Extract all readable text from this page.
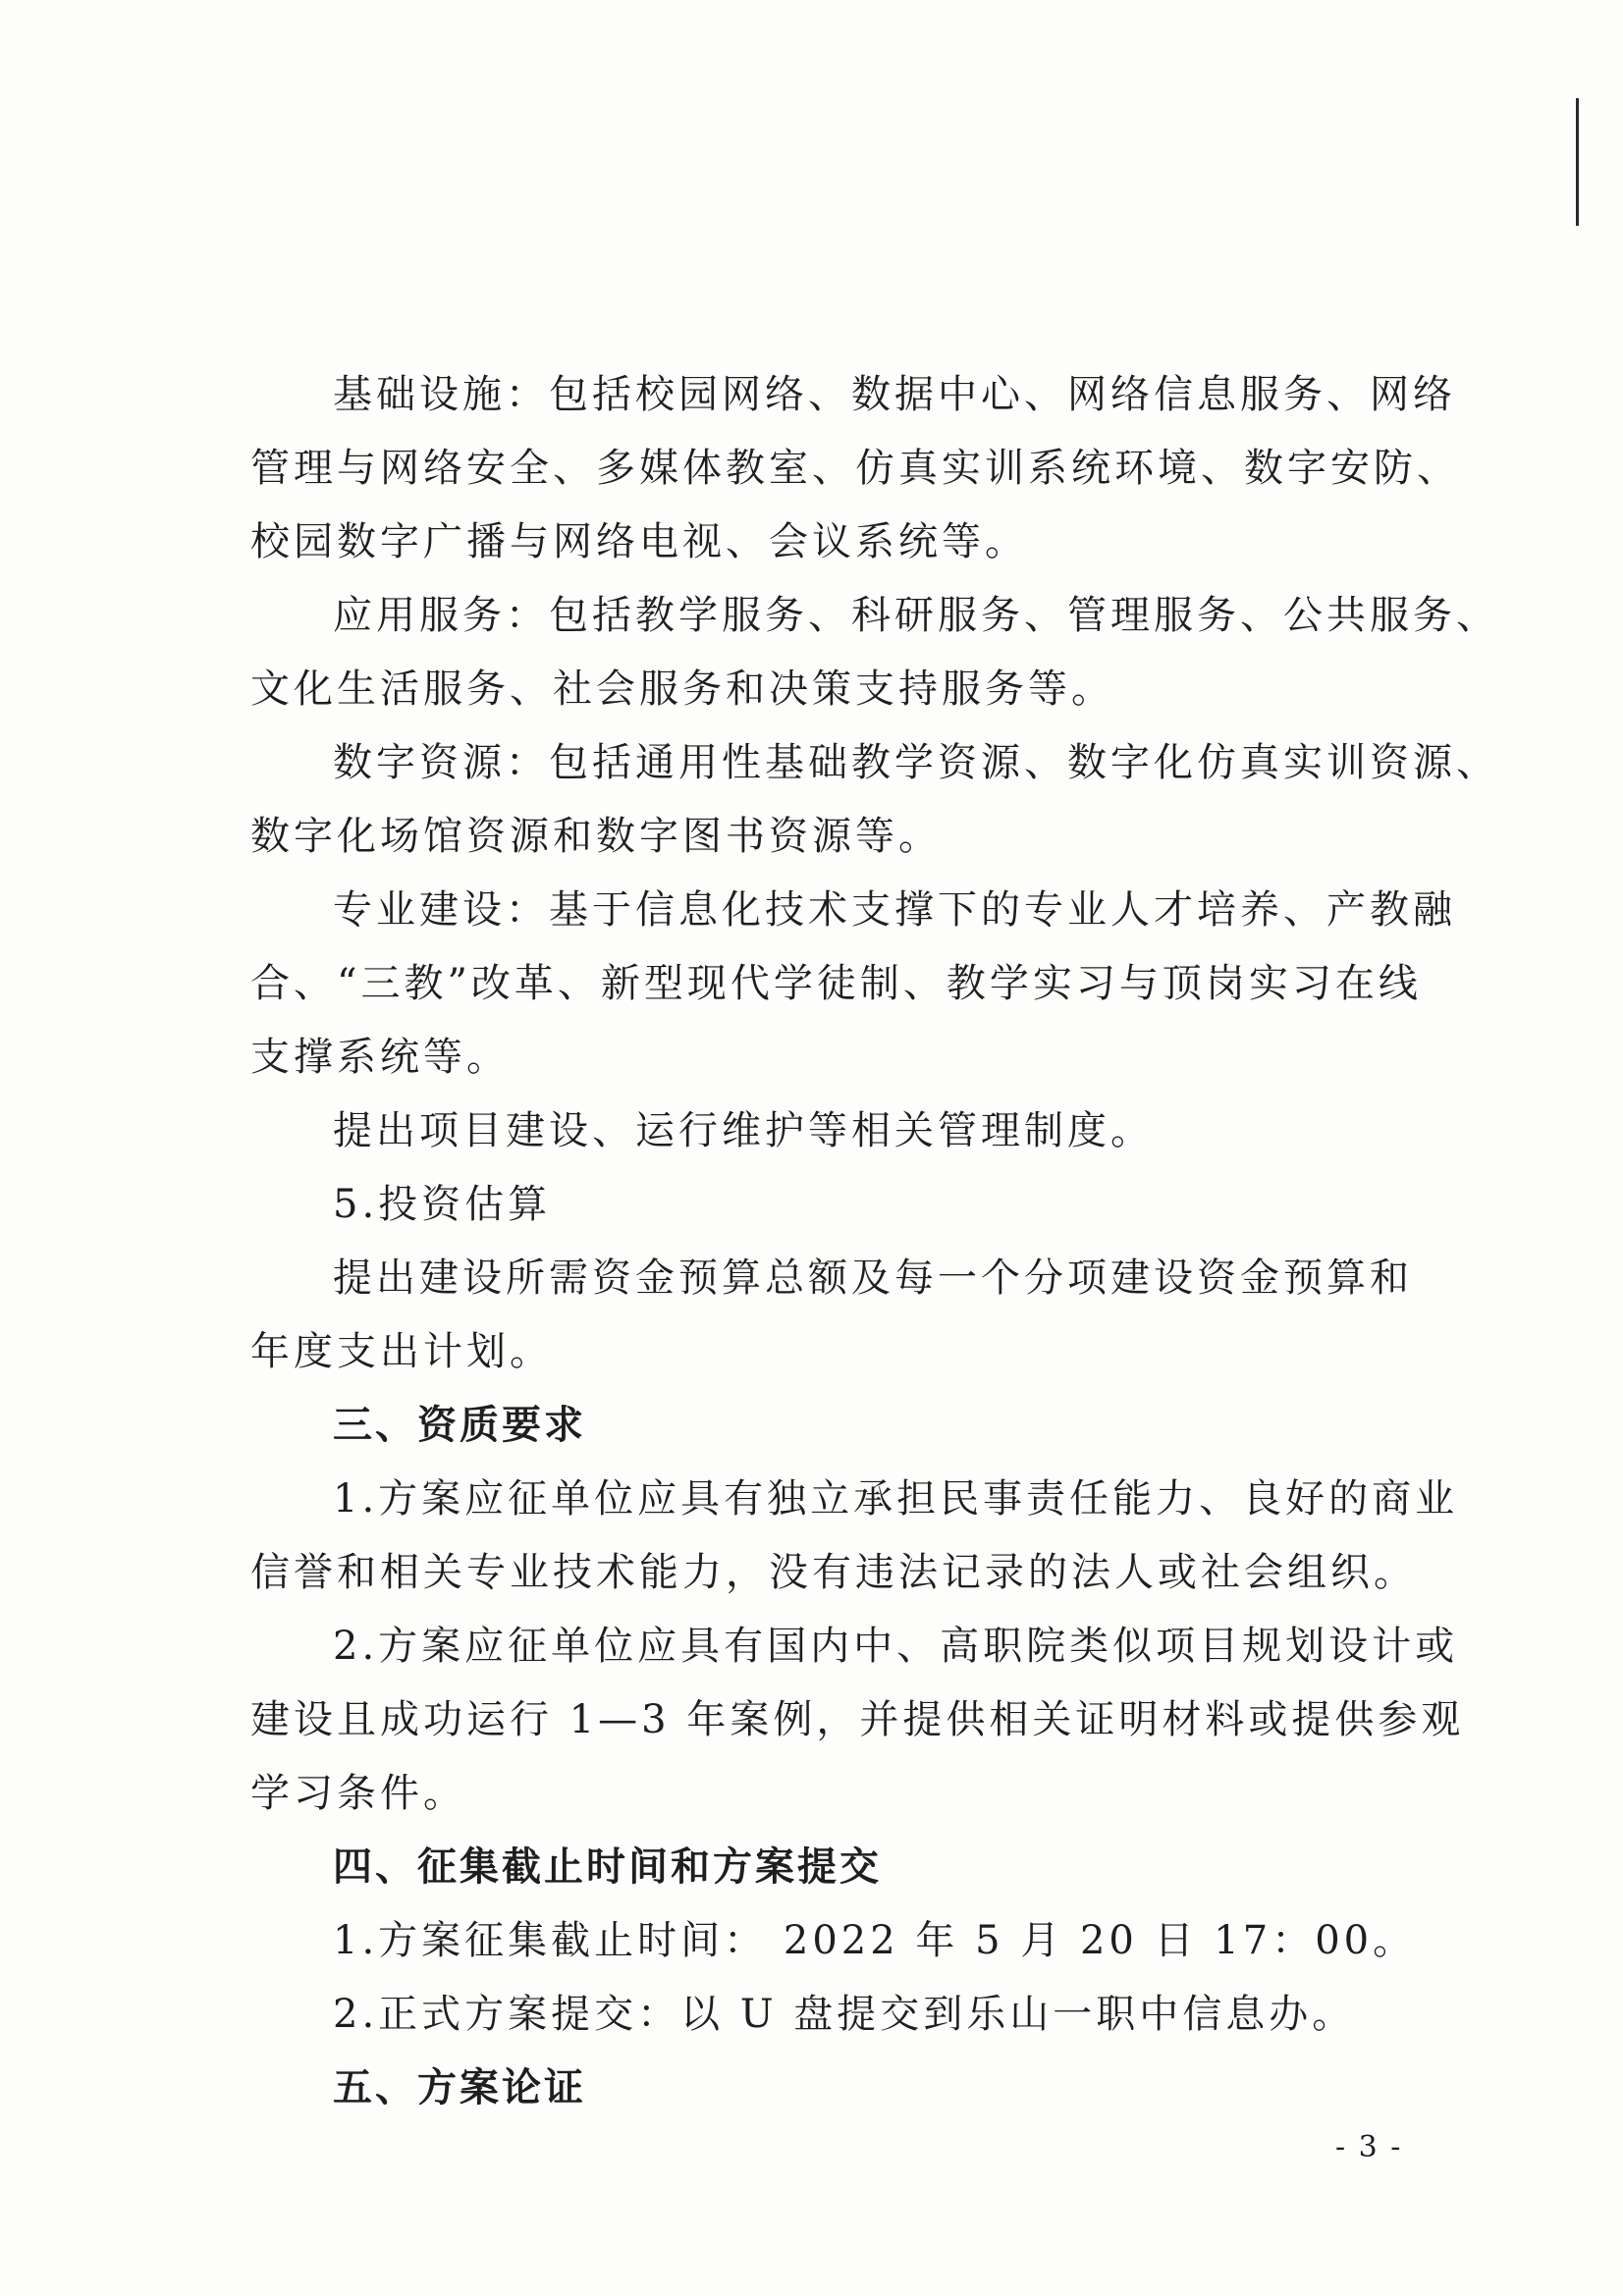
基础设施：包括校园网络、数据中心、网络信息服务、网络
管理与网络安全、多媒体教室、仿真实训系统环境、数字安防、
校园数字广播与网络电视、会议系统等。
应用服务：包括教学服务、科研服务、管理服务、公共服务、
文化生活服务、社会服务和决策支持服务等。
数字资源：包括通用性基础教学资源、数字化仿真实训资源、
数字化场馆资源和数字图书资源等。
专业建设：基于信息化技术支撑下的专业人才培养、产教融
合、“三教”改革、新型现代学徒制、教学实习与顶岗实习在线
支撑系统等。
提出项目建设、运行维护等相关管理制度。
5.投资估算
提出建设所需资金预算总额及每一个分项建设资金预算和
年度支出计划。
三、资质要求
1.方案应征单位应具有独立承担民事责任能力、良好的商业
信誉和相关专业技术能力，没有违法记录的法人或社会组织。
2.方案应征单位应具有国内中、高职院类似项目规划设计或
建设且成功运行 1—3 年案例，并提供相关证明材料或提供参观
学习条件。
四、征集截止时间和方案提交
1.方案征集截止时间： 2022 年 5 月 20 日 17：00。
2.正式方案提交：以 U 盘提交到乐山一职中信息办。
五、方案论证
- 3 -
